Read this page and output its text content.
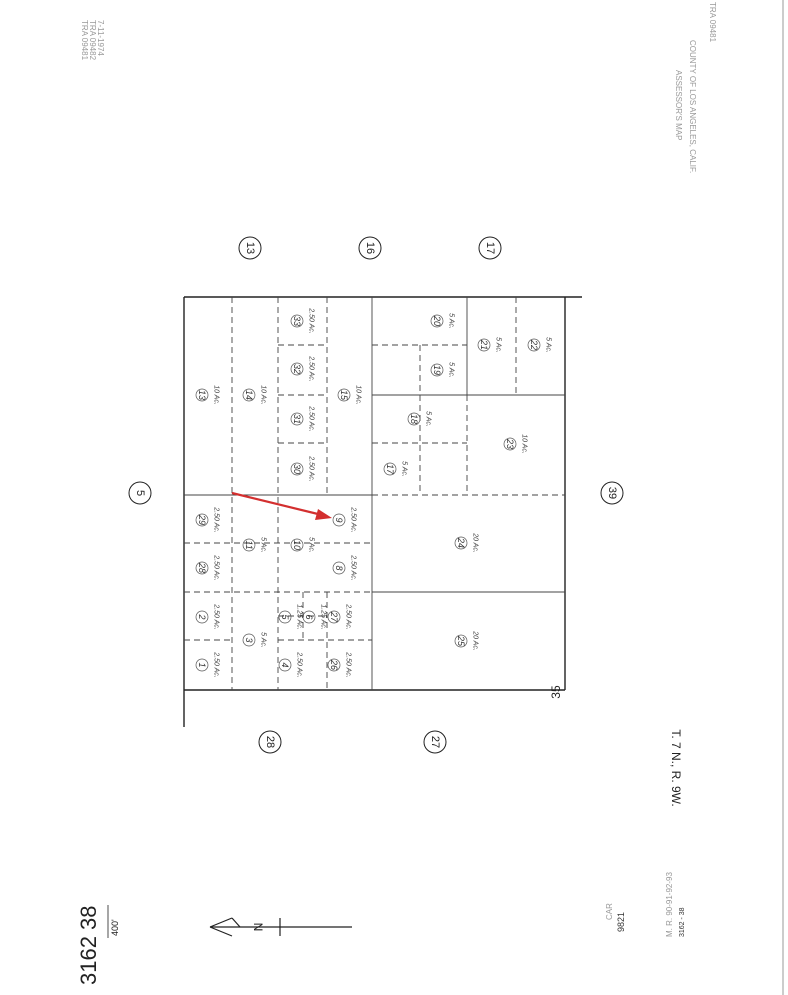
1 2.50 Ac.
2 2.50 Ac.
28 2.50 Ac.
29 2.50 Ac.
3 5 Ac.
11 5 Ac.
4 2.50 Ac.
5 1.25 Ac. 6 1.25 Ac.
26 2.50 Ac.
27 2.50 Ac.
10 5 Ac.
8 2.50 Ac.
9 2.50 Ac.
13 10 Ac.	14 10 Ac.	15 10 Ac.
30 2.50 Ac.
31 2.50 Ac.
32 2.50 Ac.
33 2.50 Ac.
17 5 Ac.
18 5 Ac.
19 5 Ac.
20 5 Ac.
21 5 Ac.	22 5 Ac.
23 10 Ac.
24 20 Ac.
25 20 Ac.
5
13	16	17
28	27
39
35
T. 7 N., R. 9W.
TRA 09481 TRA 09482 7-11-1974	TRA 09481
ASSESSOR'S MAP COUNTY OF LOS ANGELES, CALIF.
N
3162
38 400'
CAR
9821	3162 - 38
M. R. 90-91-92-93
